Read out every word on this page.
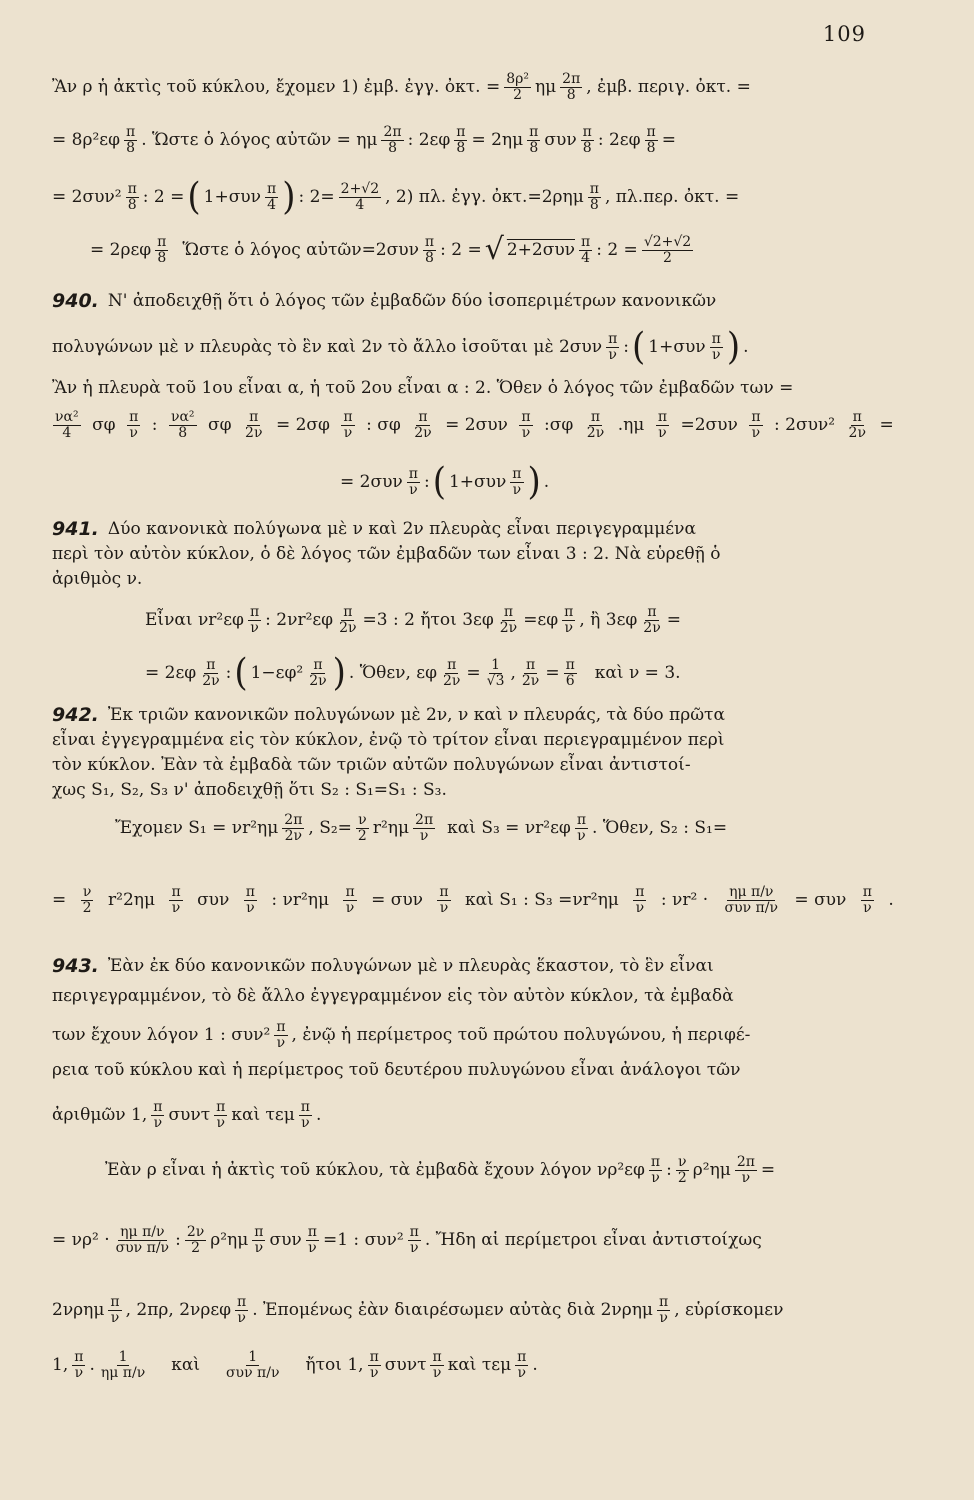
109
Ἂν ρ ἡ ἀκτὶς τοῦ κύκλου, ἔχομεν 1) ἐμβ. ἐγγ. ὀκτ. = $\frac{\text{8ρ²}}{2}$ ημ 2π
8 , ἐμβ. περιγ. ὀκτ. =
= 8ρ²εφ π
8 . Ὥστε ὁ λόγος αὐτῶν = ημ 2π
8 : $2\varepsilon\varphi \frac{\pi}{8} = 2\eta\mu$ π
8 συν π
8 : $2\varepsilon\varphi \frac{\pi}{8}$ =
= 2συν² π
8 : 2 = ( 1+συν π
4 ) : $2= \frac{2+√2}{4}$ , 2) πλ. ἐγγ. ὀκτ.=2ρημ π
8 , πλ.περ. ὀκτ. =
= 2ρεφ π
8 Ὥστε ὁ λόγος αὐτῶν=2συν π
8 : 2 = √ 2+2συν π
4 : $2 = \frac{√2+√2}{2}$
940. Ν' ἀποδειχθῇ ὅτι ὁ λόγος τῶν ἐμβαδῶν δύο ἰσοπεριμέτρων κανονικῶν
πολυγώνων μὲ ν πλευρὰς τὸ ἓν καὶ 2ν τὸ ἄλλο ἰσοῦται μὲ 2συν π
ν : ( 1+συν π
ν ) .
Ἂν ἡ πλευρὰ τοῦ 1ου εἶναι α, ἡ τοῦ 2ου εἶναι α : 2. Ὅθεν ὁ λόγος τῶν ἐμβαδῶν των =
να²
4 σφ π
ν : να²
8 σφ $\frac{\pi}{2\nu} = 2\sigma\varphi$ π
ν : σφ $\frac{\pi}{2\nu} = 2\sigma\upsilon\nu$ π
ν :σφ π
2ν $.\eta\mu \frac{\pi}{\nu} =2\sigma\upsilon\nu$ π
ν : $2\sigma\upsilon\nu^2 \frac{\pi}{2\nu}$ =
= 2συν π
ν : ( 1+συν π
ν ) .
941. Δύο κανονικὰ πολύγωνα μὲ ν καὶ 2ν πλευρὰς εἶναι περιγεγραμμένα
περὶ τὸν αὐτὸν κύκλον, ὁ δὲ λόγος τῶν ἐμβαδῶν των εἶναι 3 : 2. Νὰ εὑρεθῇ ὁ
ἀριθμὸς ν.
Εἶναι νr²εφ π
ν : $2\nu r^2\varepsilon\varphi \frac{\pi}{2\nu} =3$ : 2 ἤτοι $3\varepsilon\varphi \frac{\pi}{2\nu} =\varepsilon\varphi$ π
ν , ἢ $3\varepsilon\varphi \frac{\pi}{2\nu}$ =
= 2εφ π
2ν : ( 1−εφ² π
2ν ) . Ὅθεν, εφ $\frac{\pi}{2\nu} = \frac{1}{√3}$ , $\frac{\pi}{2\nu} = \frac{\pi}{6}$ καὶ ν = 3.
942. Ἐκ τριῶν κανονικῶν πολυγώνων μὲ 2ν, ν καὶ ν πλευράς, τὰ δύο πρῶτα
εἶναι ἐγγεγραμμένα εἰς τὸν κύκλον, ἐνῷ τὸ τρίτον εἶναι περιεγραμμένον περὶ
τὸν κύκλον. Ἐὰν τὰ ἐμβαδὰ τῶν τριῶν αὐτῶν πολυγώνων εἶναι ἀντιστοί-
χως S₁, S₂, S₃ ν' ἀποδειχθῇ ὅτι S₂ : S₁=S₁ : S₃.
Ἔχομεν S₁ = νr²ημ 2π
2ν , $S_2= \frac{\nu}{2} r^2\eta\mu$ 2π
ν καὶ S₃ = νr²εφ π
ν . Ὅθεν, S₂ : S₁=
= $\frac{\nu}{2} r^22\eta\mu$ π
ν συν π
ν : $\nu r^2\eta\mu \frac{\pi}{\nu} = \sigma\upsilon\nu$ π
ν καὶ S₁ : S₃ =νr²ημ π
ν : νr² · ημ π/ν
συν π/ν = συν π
ν .
943. Ἐὰν ἐκ δύο κανονικῶν πολυγώνων μὲ ν πλευρὰς ἕκαστον, τὸ ἓν εἶναι
περιγεγραμμένον, τὸ δὲ ἄλλο ἐγγεγραμμένον εἰς τὸν αὐτὸν κύκλον, τὰ ἐμβαδὰ
των ἔχουν λόγον 1 : συν² π
ν , ἐνῷ ἡ περίμετρος τοῦ πρώτου πολυγώνου, ἡ περιφέ-
ρεια τοῦ κύκλου καὶ ἡ περίμετρος τοῦ δευτέρου πυλυγώνου εἶναι ἀνάλογοι τῶν
ἀριθμῶν 1, π
ν συντ π
ν καὶ τεμ π
ν .
Ἐὰν ρ εἶναι ἡ ἀκτὶς τοῦ κύκλου, τὰ ἐμβαδὰ ἔχουν λόγον νρ²εφ π
ν : ν
2 $\rho^2\eta\mu \frac{2\pi}{\nu}$ =
= νρ² · ημ π/ν
συν π/ν : 2ν
2 ρ²ημ π
ν συν $\frac{\pi}{\nu} =1$ : συν² π
ν . Ἤδη αἱ περίμετροι εἶναι ἀντιστοίχως
2νρημ π
ν , 2πρ, 2νρεφ π
ν . Ἐπομένως ἐὰν διαιρέσωμεν αὐτὰς διὰ 2νρημ π
ν , εὑρίσκομεν
1, π
ν . 1
ημ π/ν καὶ	1
συν π/ν ἤτοι 1, π
ν συντ π
ν καὶ τεμ π
ν .
